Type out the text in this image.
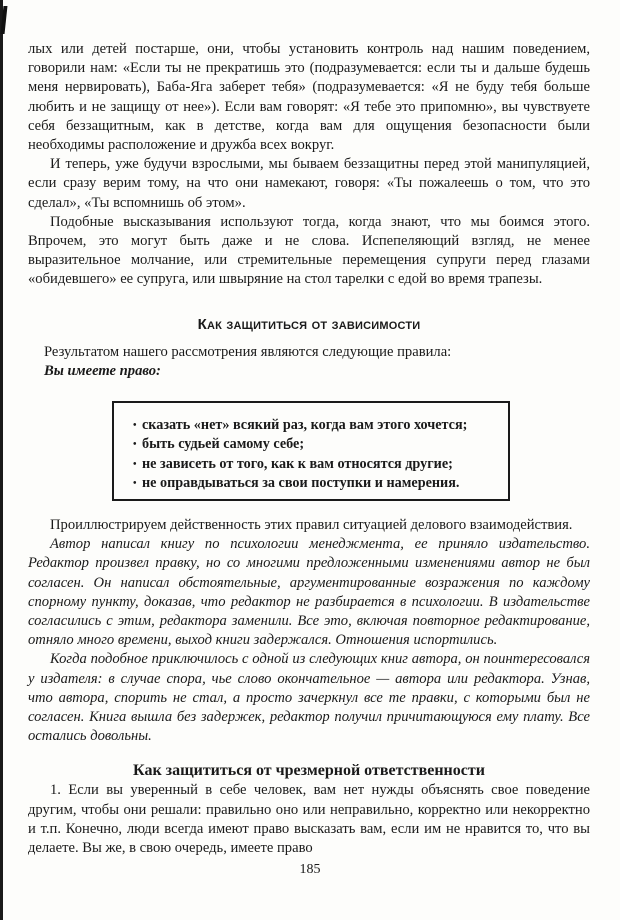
лых или детей постарше, они, чтобы установить контроль над нашим поведением, говорили нам: «Если ты не прекратишь это (подразумевается: если ты и дальше будешь меня нервировать), Баба-Яга заберет тебя» (подразумевается: «Я не буду тебя больше любить и не защищу от нее»). Если вам говорят: «Я тебе это припомню», вы чувствуете себя беззащитным, как в детстве, когда вам для ощущения безопасности были необходимы расположение и дружба всех вокруг.

И теперь, уже будучи взрослыми, мы бываем беззащитны перед этой манипуляцией, если сразу верим тому, на что они намекают, говоря: «Ты пожалеешь о том, что это сделал», «Ты вспомнишь об этом».

Подобные высказывания используют тогда, когда знают, что мы боимся этого. Впрочем, это могут быть даже и не слова. Испепеляющий взгляд, не менее выразительное молчание, или стремительные перемещения супруги перед глазами «обидевшего» ее супруга, или швыряние на стол тарелки с едой во время трапезы.

Как защититься от зависимости

Результатом нашего рассмотрения являются следующие правила:

Вы имеете право:

• сказать «нет» всякий раз, когда вам этого хочется;
• быть судьей самому себе;
• не зависеть от того, как к вам относятся другие;
• не оправдываться за свои поступки и намерения.

Проиллюстрируем действенность этих правил ситуацией делового взаимодействия.

Автор написал книгу по психологии менеджмента, ее приняло издательство. Редактор произвел правку, но со многими предложенными изменениями автор не был согласен. Он написал обстоятельные, аргументированные возражения по каждому спорному пункту, доказав, что редактор не разбирается в психологии. В издательстве согласились с этим, редактора заменили. Все это, включая повторное редактирование, отняло много времени, выход книги задержался. Отношения испортились.

Когда подобное приключилось с одной из следующих книг автора, он поинтересовался у издателя: в случае спора, чье слово окончательное — автора или редактора. Узнав, что автора, спорить не стал, а просто зачеркнул все те правки, с которыми был не согласен. Книга вышла без задержек, редактор получил причитающуюся ему плату. Все остались довольны.

Как защититься от чрезмерной ответственности

1. Если вы уверенный в себе человек, вам нет нужды объяснять свое поведение другим, чтобы они решали: правильно оно или неправильно, корректно или некорректно и т.п. Конечно, люди всегда имеют право высказать вам, если им не нравится то, что вы делаете. Вы же, в свою очередь, имеете право

185
